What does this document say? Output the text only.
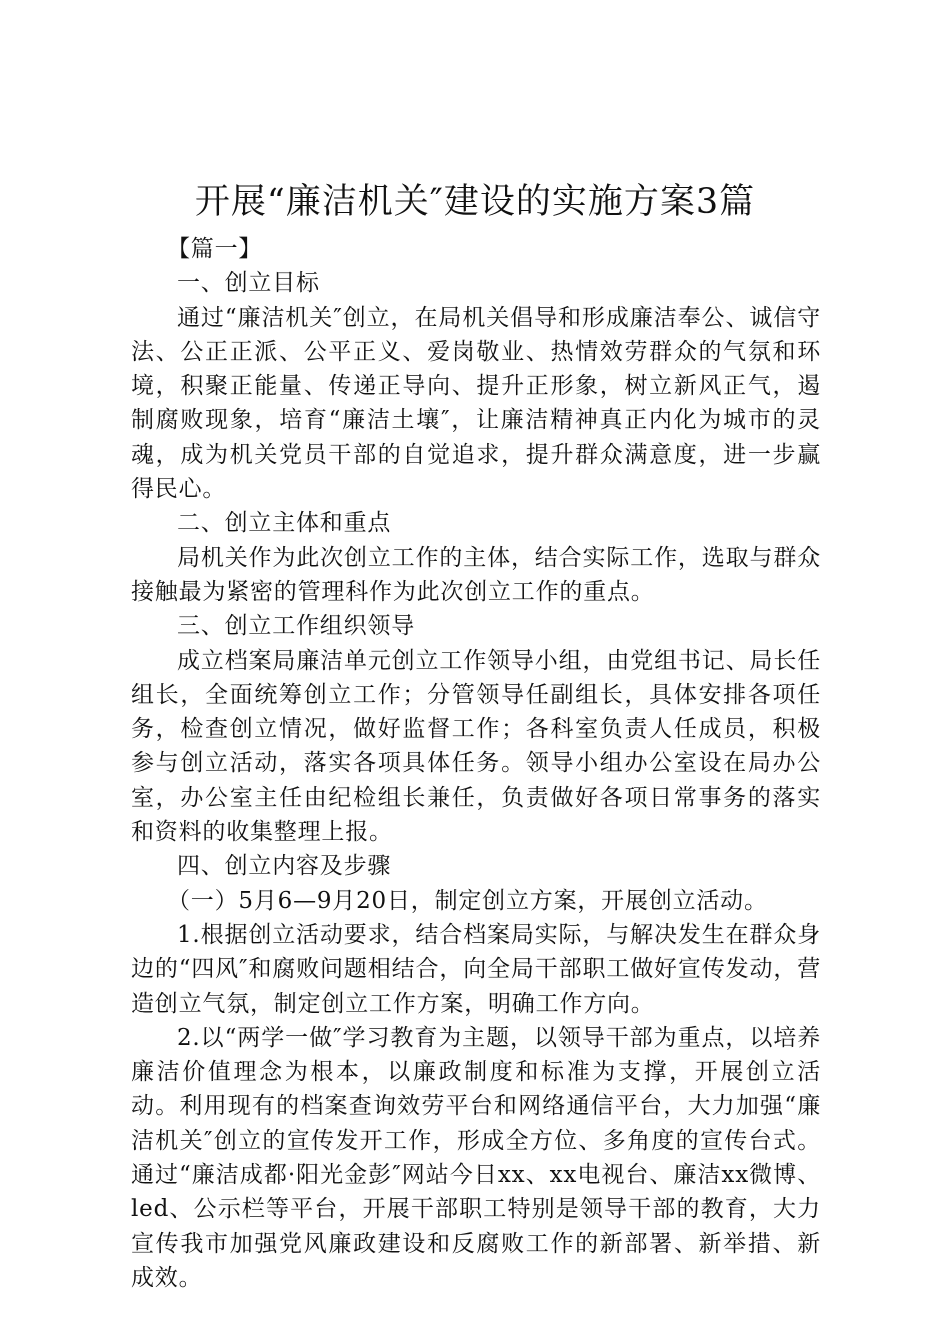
开展“廉洁机关″建设的实施方案3篇
【篇一】
一、创立目标

通过“廉洁机关″创立，在局机关倡导和形成廉洁奉公、诚信守法、公正正派、公平正义、爱岗敬业、热情效劳群众的气氛和环境，积聚正能量、传递正导向、提升正形象，树立新风正气，遏制腐败现象，培育“廉洁土壤″，让廉洁精神真正内化为城市的灵魂，成为机关党员干部的自觉追求，提升群众满意度，进一步赢得民心。

二、创立主体和重点

局机关作为此次创立工作的主体，结合实际工作，选取与群众接触最为紧密的管理科作为此次创立工作的重点。

三、创立工作组织领导

成立档案局廉洁单元创立工作领导小组，由党组书记、局长任组长，全面统筹创立工作；分管领导任副组长，具体安排各项任务，检查创立情况，做好监督工作；各科室负责人任成员，积极参与创立活动，落实各项具体任务。领导小组办公室设在局办公室，办公室主任由纪检组长兼任，负责做好各项日常事务的落实和资料的收集整理上报。

四、创立内容及步骤
（一）5月6—9月20日，制定创立方案，开展创立活动。

1.根据创立活动要求，结合档案局实际，与解决发生在群众身边的“四风″和腐败问题相结合，向全局干部职工做好宣传发动，营造创立气氛，制定创立工作方案，明确工作方向。

2.以“两学一做″学习教育为主题，以领导干部为重点，以培养廉洁价值理念为根本，以廉政制度和标准为支撑，开展创立活动。利用现有的档案查询效劳平台和网络通信平台，大力加强“廉洁机关″创立的宣传发开工作，形成全方位、多角度的宣传台式。通过“廉洁成都·阳光金彭″网站今日xx、xx电视台、廉洁xx微博、led、公示栏等平台，开展干部职工特别是领导干部的教育，大力宣传我市加强党风廉政建设和反腐败工作的新部署、新举措、新成效。
